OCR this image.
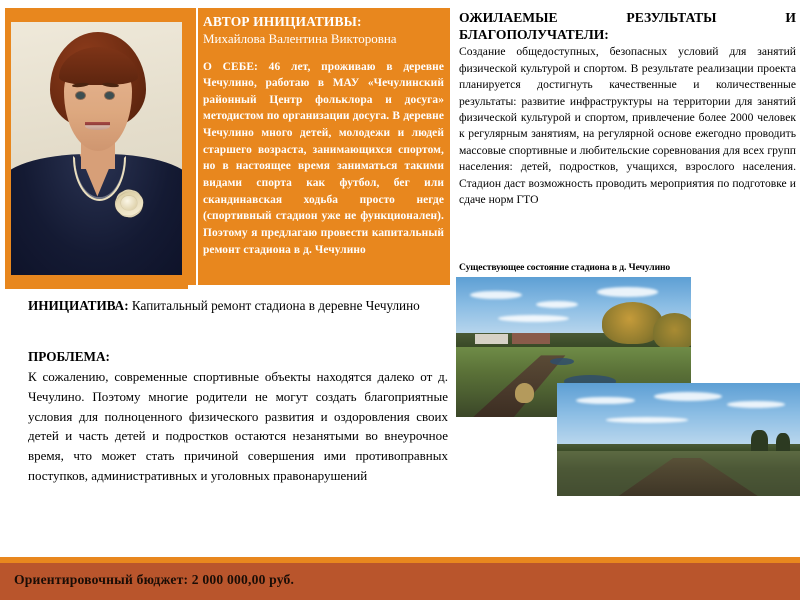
АВТОР ИНИЦИАТИВЫ:
Михайлова Валентина Викторовна
О СЕБЕ: 46 лет, проживаю в деревне Чечулино, работаю в МАУ «Чечулинский районный Центр фольклора и досуга» методистом по организации досуга. В деревне Чечулино много детей, молодежи и людей старшего возраста, занимающихся спортом, но в настоящее время заниматься такими видами спорта как футбол, бег или скандинавская ходьба просто негде (спортивный стадион уже не функционален). Поэтому я предлагаю провести капитальный ремонт стадиона в д. Чечулино
ОЖИЛАЕМЫЕ РЕЗУЛЬТАТЫ И БЛАГОПОЛУЧАТЕЛИ:
Создание общедоступных, безопасных условий для занятий физической культурой и спортом. В результате реализации проекта планируется достигнуть качественные и количественные результаты: развитие инфраструктуры на территории для занятий физической культурой и спортом, привлечение более 2000 человек к регулярным занятиям, на регулярной основе ежегодно проводить массовые спортивные и любительские соревнования для всех групп населения: детей, подростков, учащихся, взрослого населения. Стадион даст возможность проводить мероприятия по подготовке и сдаче норм ГТО
Существующее состояние стадиона в д. Чечулино
ИНИЦИАТИВА: Капитальный ремонт стадиона в деревне Чечулино
ПРОБЛЕМА:
К сожалению, современные спортивные объекты находятся далеко от д. Чечулино. Поэтому многие родители не могут создать благоприятные условия для полноценного физического развития и оздоровления своих детей и часть детей и подростков остаются незанятыми во внеурочное время, что может стать причиной совершения ими противоправных поступков, административных и уголовных правонарушений
Ориентировочный бюджет: 2 000 000,00 руб.
